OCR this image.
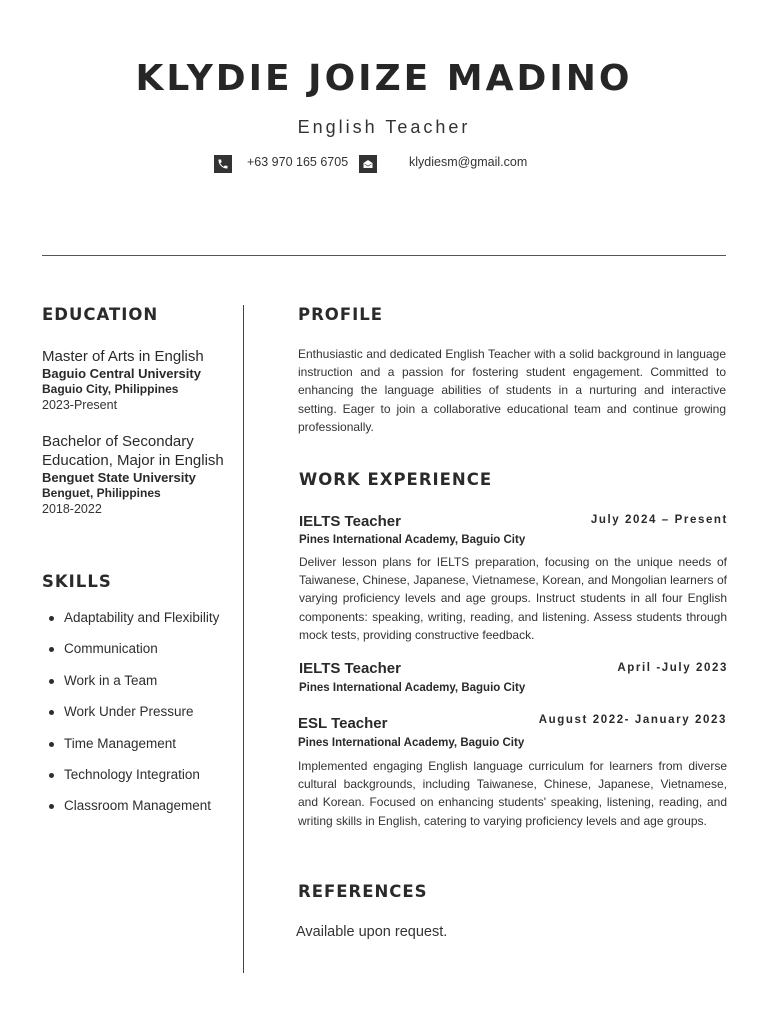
KLYDIE JOIZE MADINO
English Teacher
+63 970 165 6705	klydiesm@gmail.com
EDUCATION
Master of Arts in English
Baguio Central University
Baguio City, Philippines
2023-Present
Bachelor of Secondary Education, Major in English
Benguet State University
Benguet, Philippines
2018-2022
SKILLS
Adaptability and Flexibility
Communication
Work in a Team
Work Under Pressure
Time Management
Technology Integration
Classroom Management
PROFILE
Enthusiastic and dedicated English Teacher with a solid background in language instruction and a passion for fostering student engagement. Committed to enhancing the language abilities of students in a nurturing and interactive setting. Eager to join a collaborative educational team and continue growing professionally.
WORK EXPERIENCE
IELTS Teacher	July 2024 – Present
Pines International Academy, Baguio City
Deliver lesson plans for IELTS preparation, focusing on the unique needs of Taiwanese, Chinese, Japanese, Vietnamese, Korean, and Mongolian learners of varying proficiency levels and age groups. Instruct students in all four English components: speaking, writing, reading, and listening. Assess students through mock tests, providing constructive feedback.
IELTS Teacher	April -July 2023
Pines International Academy, Baguio City
ESL Teacher	August 2022- January 2023
Pines International Academy, Baguio City
Implemented engaging English language curriculum for learners from diverse cultural backgrounds, including Taiwanese, Chinese, Japanese, Vietnamese, and Korean. Focused on enhancing students' speaking, listening, reading, and writing skills in English, catering to varying proficiency levels and age groups.
REFERENCES
Available upon request.
